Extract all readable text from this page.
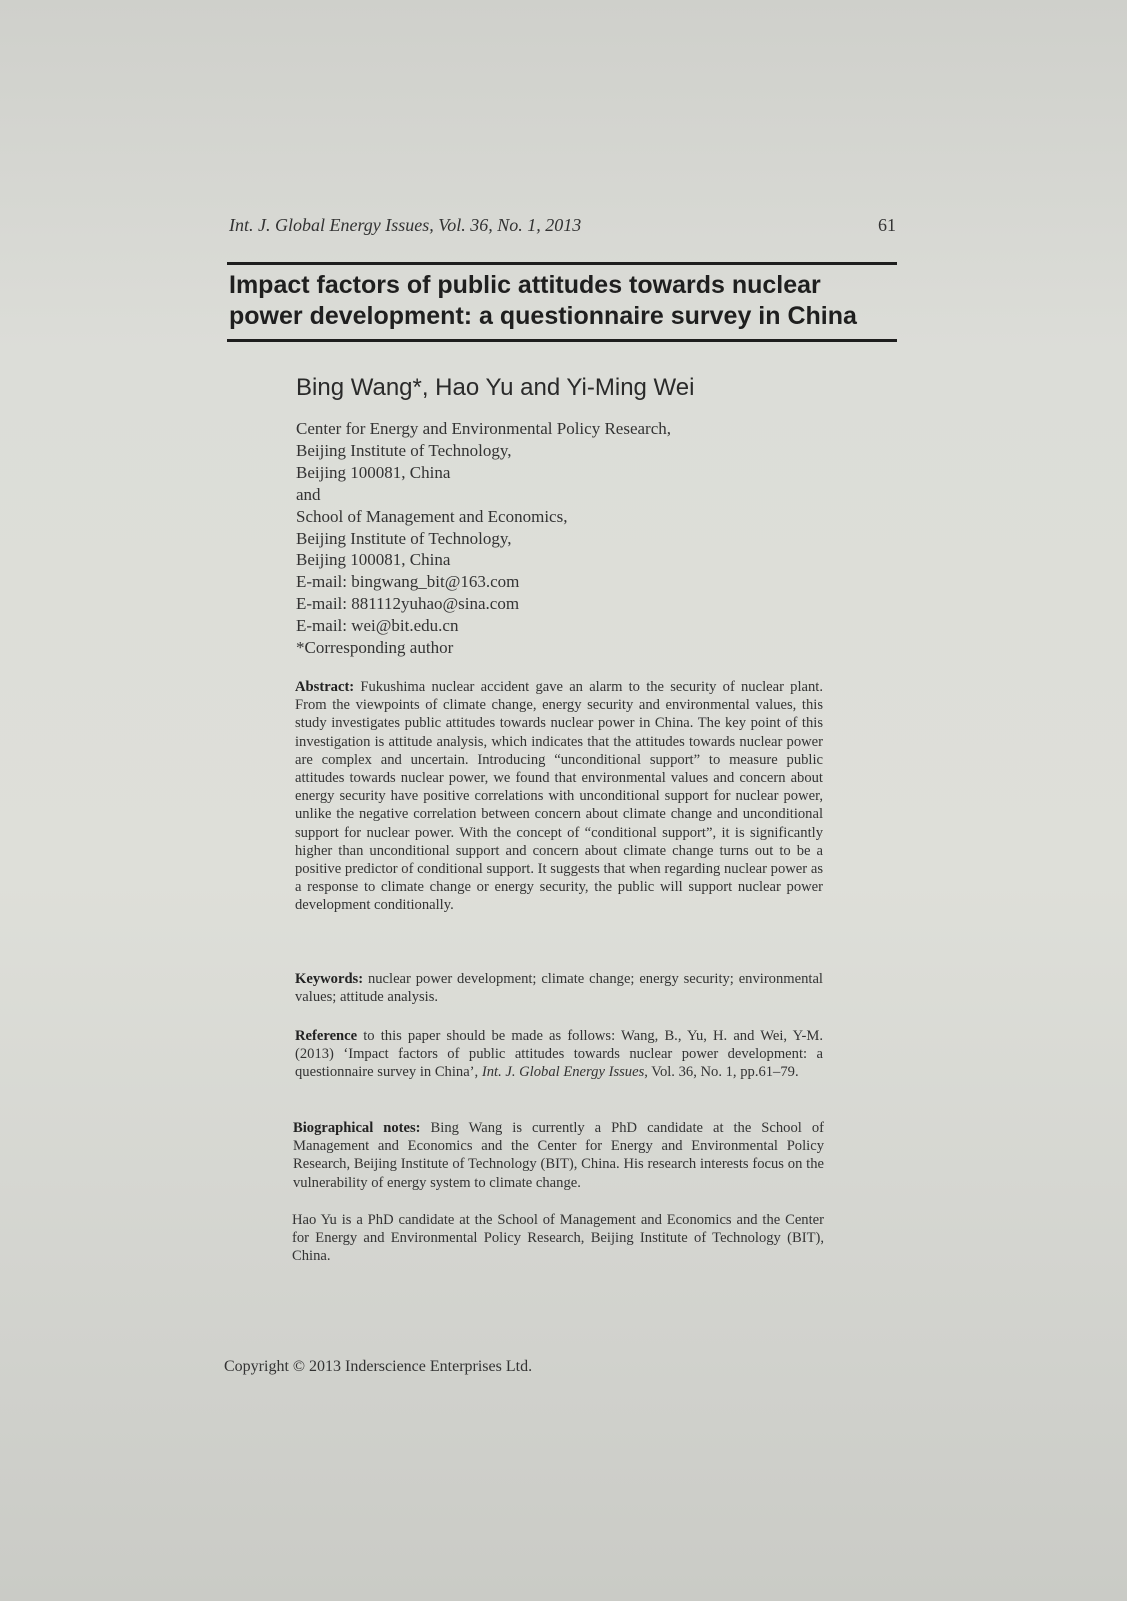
Int. J. Global Energy Issues, Vol. 36, No. 1, 2013	61
Impact factors of public attitudes towards nuclear power development: a questionnaire survey in China
Bing Wang*, Hao Yu and Yi-Ming Wei
Center for Energy and Environmental Policy Research,
Beijing Institute of Technology,
Beijing 100081, China
and
School of Management and Economics,
Beijing Institute of Technology,
Beijing 100081, China
E-mail: bingwang_bit@163.com
E-mail: 881112yuhao@sina.com
E-mail: wei@bit.edu.cn
*Corresponding author

Abstract: Fukushima nuclear accident gave an alarm to the security of nuclear plant. From the viewpoints of climate change, energy security and environmental values, this study investigates public attitudes towards nuclear power in China. The key point of this investigation is attitude analysis, which indicates that the attitudes towards nuclear power are complex and uncertain. Introducing “unconditional support” to measure public attitudes towards nuclear power, we found that environmental values and concern about energy security have positive correlations with unconditional support for nuclear power, unlike the negative correlation between concern about climate change and unconditional support for nuclear power. With the concept of “conditional support”, it is significantly higher than unconditional support and concern about climate change turns out to be a positive predictor of conditional support. It suggests that when regarding nuclear power as a response to climate change or energy security, the public will support nuclear power development conditionally.

Keywords: nuclear power development; climate change; energy security; environmental values; attitude analysis.

Reference to this paper should be made as follows: Wang, B., Yu, H. and Wei, Y-M. (2013) ‘Impact factors of public attitudes towards nuclear power development: a questionnaire survey in China’, Int. J. Global Energy Issues, Vol. 36, No. 1, pp.61–79.

Biographical notes: Bing Wang is currently a PhD candidate at the School of Management and Economics and the Center for Energy and Environmental Policy Research, Beijing Institute of Technology (BIT), China. His research interests focus on the vulnerability of energy system to climate change.

Hao Yu is a PhD candidate at the School of Management and Economics and the Center for Energy and Environmental Policy Research, Beijing Institute of Technology (BIT), China.

Copyright © 2013 Inderscience Enterprises Ltd.
